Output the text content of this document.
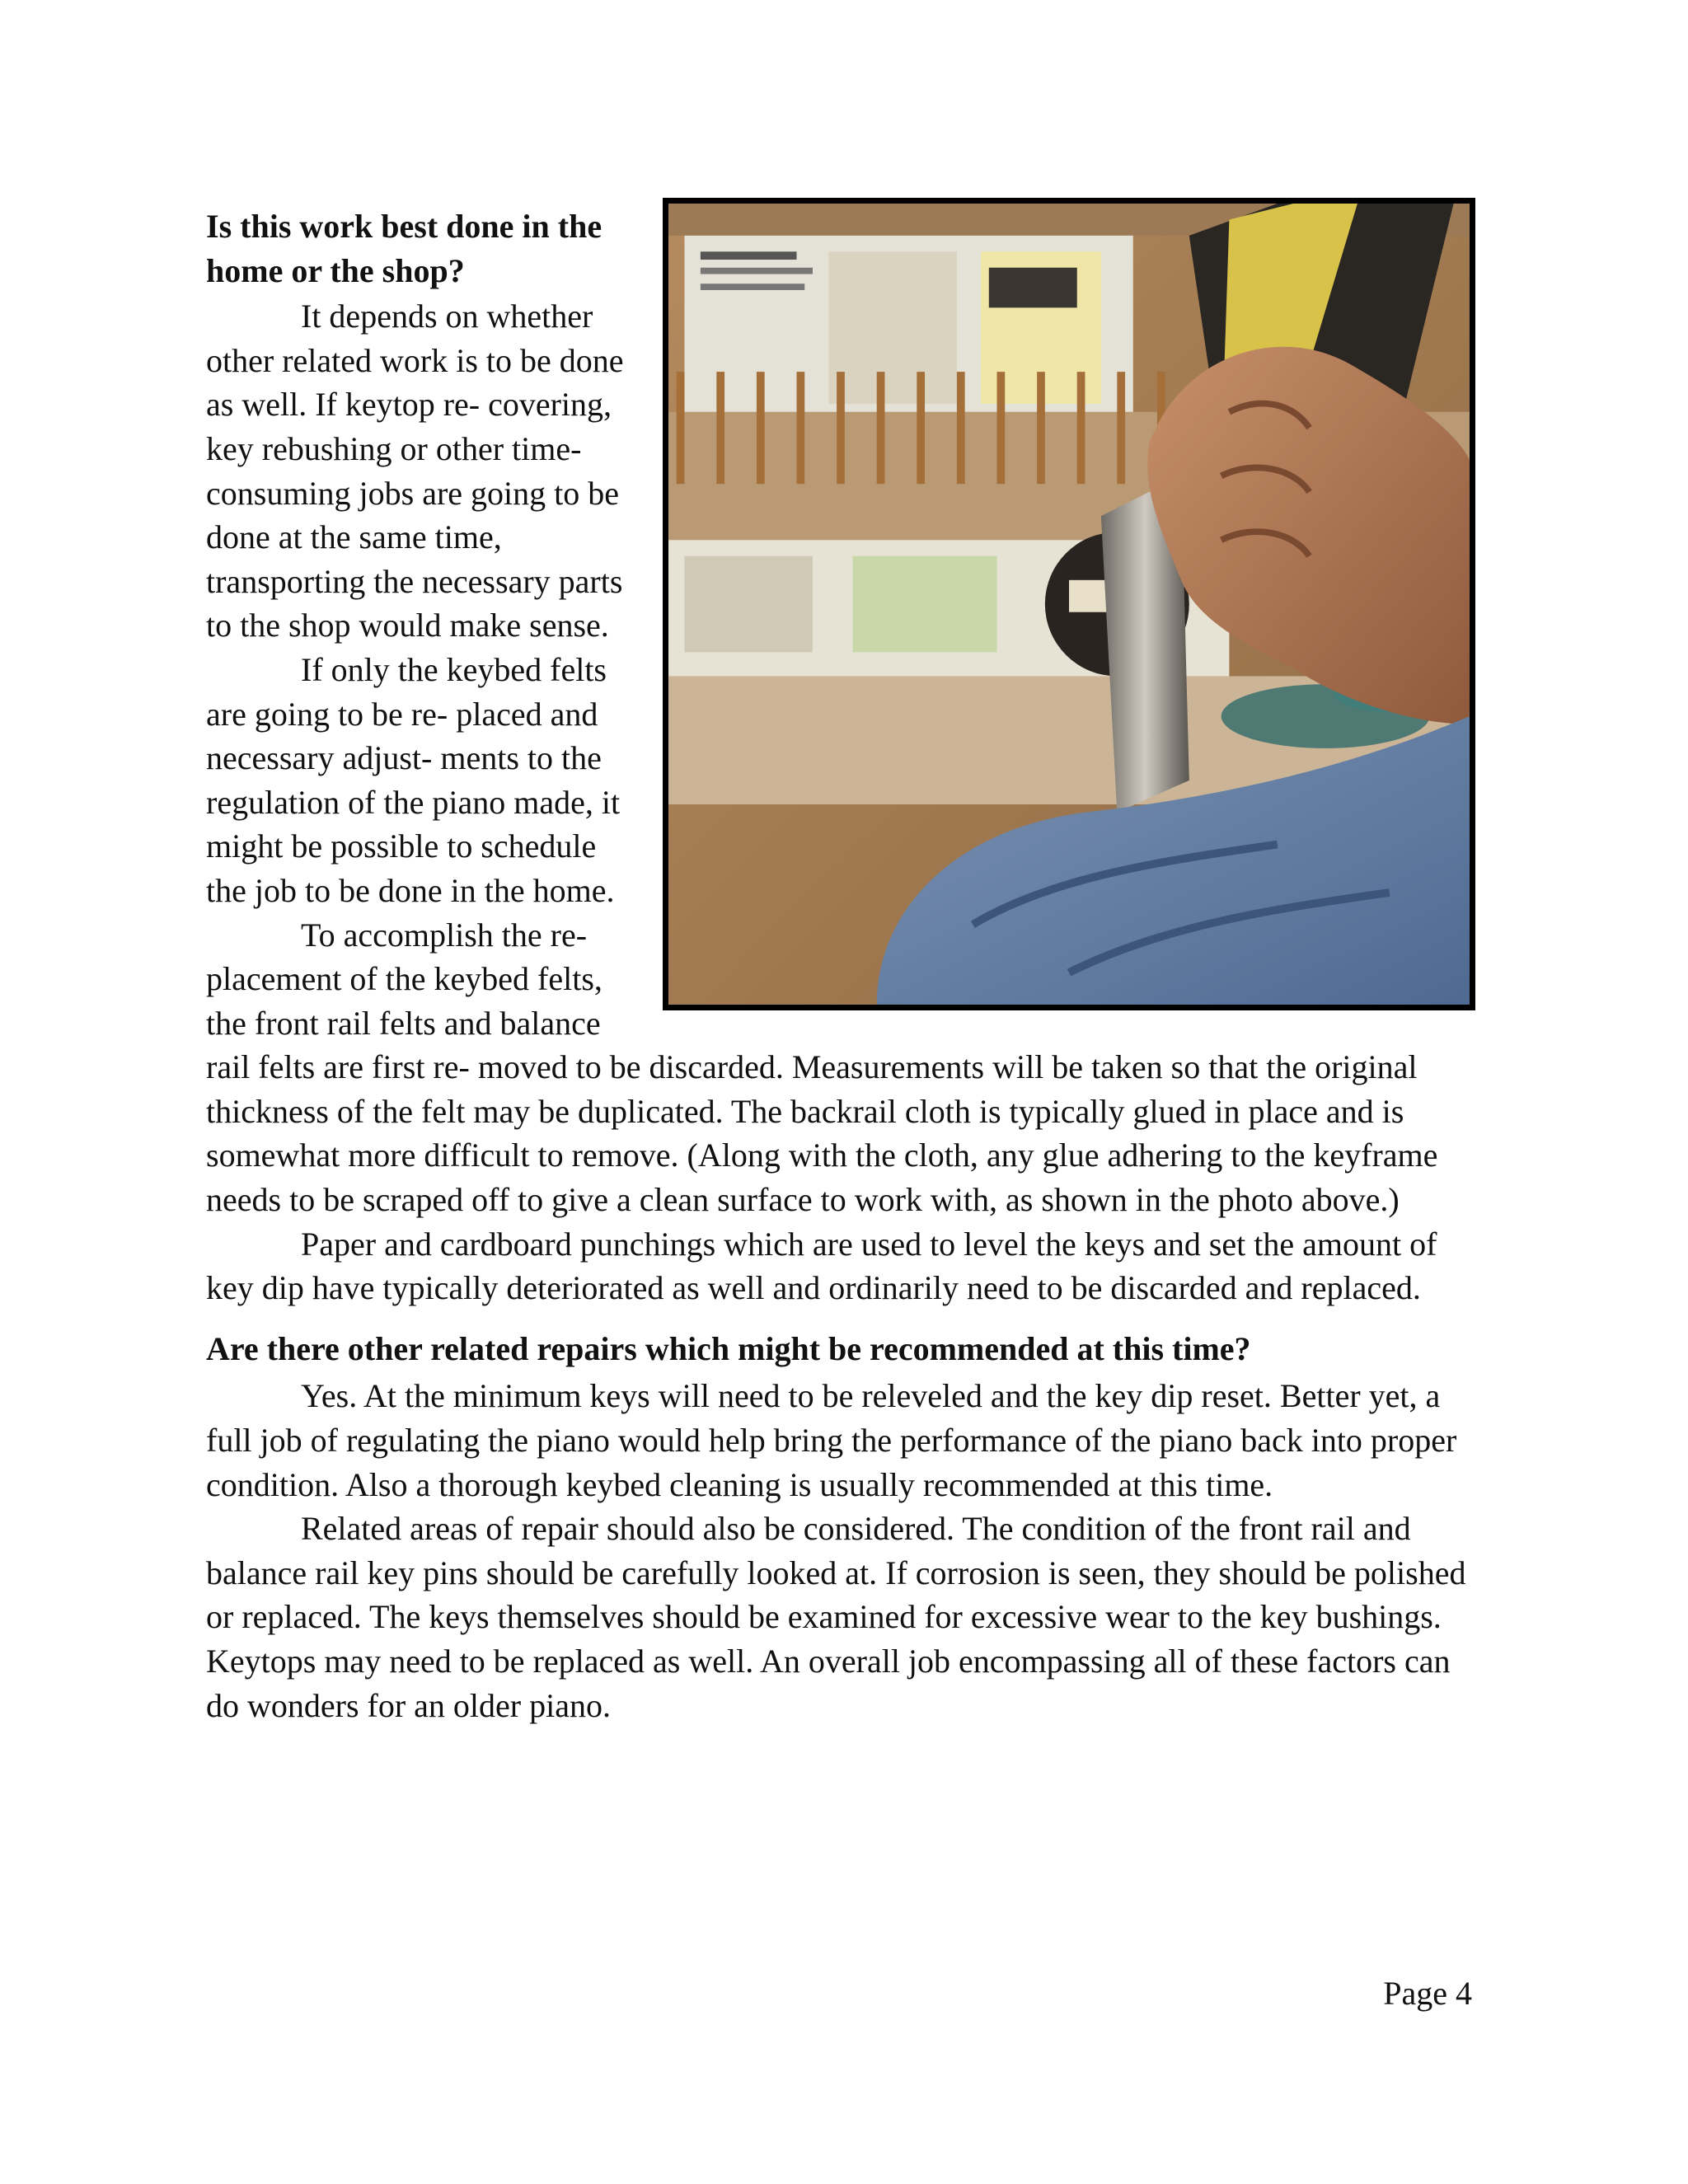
Is this work best done in the home or the shop?

It depends on whether other related work is to be done as well. If keytop re- covering, key rebushing or other time-consuming jobs are going to be done at the same time, transporting the necessary parts to the shop would make sense.

If only the keybed felts are going to be re- placed and necessary adjust- ments to the regulation of the piano made, it might be possible to schedule the job to be done in the home.

To accomplish the re- placement of the keybed felts, the front rail felts and balance rail felts are first re- moved to be discarded. Measurements will be taken so that the original thickness of the felt may be duplicated. The backrail cloth is typically glued in place and is somewhat more difficult to remove. (Along with the cloth, any glue adhering to the keyframe needs to be scraped off to give a clean surface to work with, as shown in the photo above.)

Paper and cardboard punchings which are used to level the keys and set the amount of key dip have typically deteriorated as well and ordinarily need to be discarded and replaced.

Are there other related repairs which might be recommended at this time?

Yes. At the minimum keys will need to be releveled and the key dip reset. Better yet, a full job of regulating the piano would help bring the performance of the piano back into proper condition. Also a thorough keybed cleaning is usually recommended at this time.

Related areas of repair should also be considered. The condition of the front rail and balance rail key pins should be carefully looked at. If corrosion is seen, they should be polished or replaced. The keys themselves should be examined for excessive wear to the key bushings. Keytops may need to be replaced as well. An overall job encompassing all of these factors can do wonders for an older piano.

Page 4
